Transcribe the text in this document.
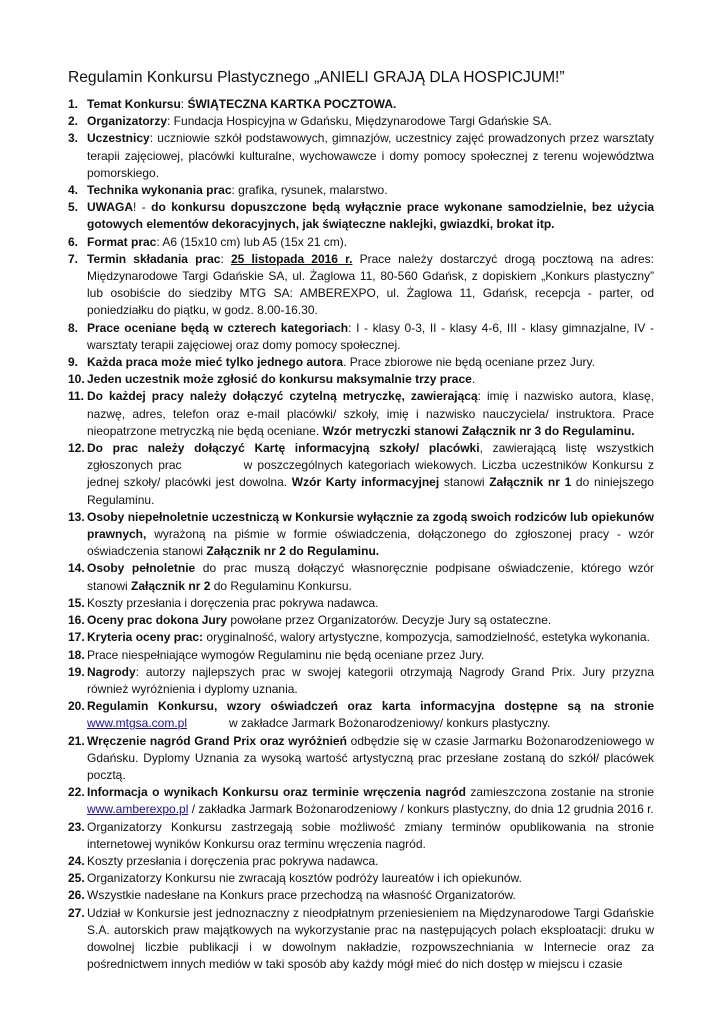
Regulamin Konkursu Plastycznego „ANIELI GRAJĄ DLA HOSPICJUM!”
1. Temat Konkursu: ŚWIĄTECZNA KARTKA POCZTOWA.
2. Organizatorzy: Fundacja Hospicyjna w Gdańsku, Międzynarodowe Targi Gdańskie SA.
3. Uczestnicy: uczniowie szkół podstawowych, gimnazjów, uczestnicy zajęć prowadzonych przez warsztaty terapii zajęciowej, placówki kulturalne, wychowawcze i domy pomocy społecznej z terenu województwa pomorskiego.
4. Technika wykonania prac: grafika, rysunek, malarstwo.
5. UWAGA! - do konkursu dopuszczone będą wyłącznie prace wykonane samodzielnie, bez użycia gotowych elementów dekoracyjnych, jak świąteczne naklejki, gwiazdki, brokat itp.
6. Format prac: A6 (15x10 cm) lub A5 (15x 21 cm).
7. Termin składania prac: 25 listopada 2016 r. Prace należy dostarczyć drogą pocztową na adres: Międzynarodowe Targi Gdańskie SA, ul. Żaglowa 11, 80-560 Gdańsk, z dopiskiem „Konkurs plastyczny” lub osobiście do siedziby MTG SA: AMBEREXPO, ul. Żaglowa 11, Gdańsk, recepcja - parter, od poniedziałku do piątku, w godz. 8.00-16.30.
8. Prace oceniane będą w czterech kategoriach: I - klasy 0-3, II - klasy 4-6, III - klasy gimnazjalne, IV - warsztaty terapii zajęciowej oraz domy pomocy społecznej.
9. Każda praca może mieć tylko jednego autora. Prace zbiorowe nie będą oceniane przez Jury.
10. Jeden uczestnik może zgłosić do konkursu maksymalnie trzy prace.
11. Do każdej pracy należy dołączyć czytelną metryczkę, zawierającą: imię i nazwisko autora, klasę, nazwę, adres, telefon oraz e-mail placówki/ szkoły, imię i nazwisko nauczyciela/ instruktora. Prace nieopatrzone metryczką nie będą oceniane. Wzór metryczki stanowi Załącznik nr 3 do Regulaminu.
12. Do prac należy dołączyć Kartę informacyjną szkoły/ placówki, zawierającą listę wszystkich zgłoszonych prac	w poszczególnych kategoriach wiekowych. Liczba uczestników Konkursu z jednej szkoły/ placówki jest dowolna. Wzór Karty informacyjnej stanowi Załącznik nr 1 do niniejszego Regulaminu.
13. Osoby niepełnoletnie uczestniczą w Konkursie wyłącznie za zgodą swoich rodziców lub opiekunów prawnych, wyrażoną na piśmie w formie oświadczenia, dołączonego do zgłoszonej pracy - wzór oświadczenia stanowi Załącznik nr 2 do Regulaminu.
14. Osoby pełnoletnie do prac muszą dołączyć własnoręcznie podpisane oświadczenie, którego wzór stanowi Załącznik nr 2 do Regulaminu Konkursu.
15. Koszty przesłania i doręczenia prac pokrywa nadawca.
16. Oceny prac dokona Jury powołane przez Organizatorów. Decyzje Jury są ostateczne.
17. Kryteria oceny prac: oryginalność, walory artystyczne, kompozycja, samodzielność, estetyka wykonania.
18. Prace niespełniające wymogów Regulaminu nie będą oceniane przez Jury.
19. Nagrody: autorzy najlepszych prac w swojej kategorii otrzymają Nagrody Grand Prix. Jury przyzna również wyróżnienia i dyplomy uznania.
20. Regulamin Konkursu, wzory oświadczeń oraz karta informacyjna dostępne są na stronie www.mtgsa.com.pl	w zakładce Jarmark Bożonarodzeniowy/ konkurs plastyczny.
21. Wręczenie nagród Grand Prix oraz wyróżnień odbędzie się w czasie Jarmarku Bożonarodzeniowego w Gdańsku. Dyplomy Uznania za wysoką wartość artystyczną prac przesłane zostaną do szkół/ placówek pocztą.
22. Informacja o wynikach Konkursu oraz terminie wręczenia nagród zamieszczona zostanie na stronie www.amberexpo.pl / zakładka Jarmark Bożonarodzeniowy / konkurs plastyczny, do dnia 12 grudnia 2016 r.
23. Organizatorzy Konkursu zastrzegają sobie możliwość zmiany terminów opublikowania na stronie internetowej wyników Konkursu oraz terminu wręczenia nagród.
24. Koszty przesłania i doręczenia prac pokrywa nadawca.
25. Organizatorzy Konkursu nie zwracają kosztów podróży laureatów i ich opiekunów.
26. Wszystkie nadesłane na Konkurs prace przechodzą na własność Organizatorów.
27. Udział w Konkursie jest jednoznaczny z nieodpłatnym przeniesieniem na Międzynarodowe Targi Gdańskie S.A. autorskich praw majątkowych na wykorzystanie prac na następujących polach eksploatacji: druku w dowolnej liczbie publikacji i w dowolnym nakładzie, rozpowszechniania w Internecie oraz za pośrednictwem innych mediów w taki sposób aby każdy mógł mieć do nich dostęp w miejscu i czasie
